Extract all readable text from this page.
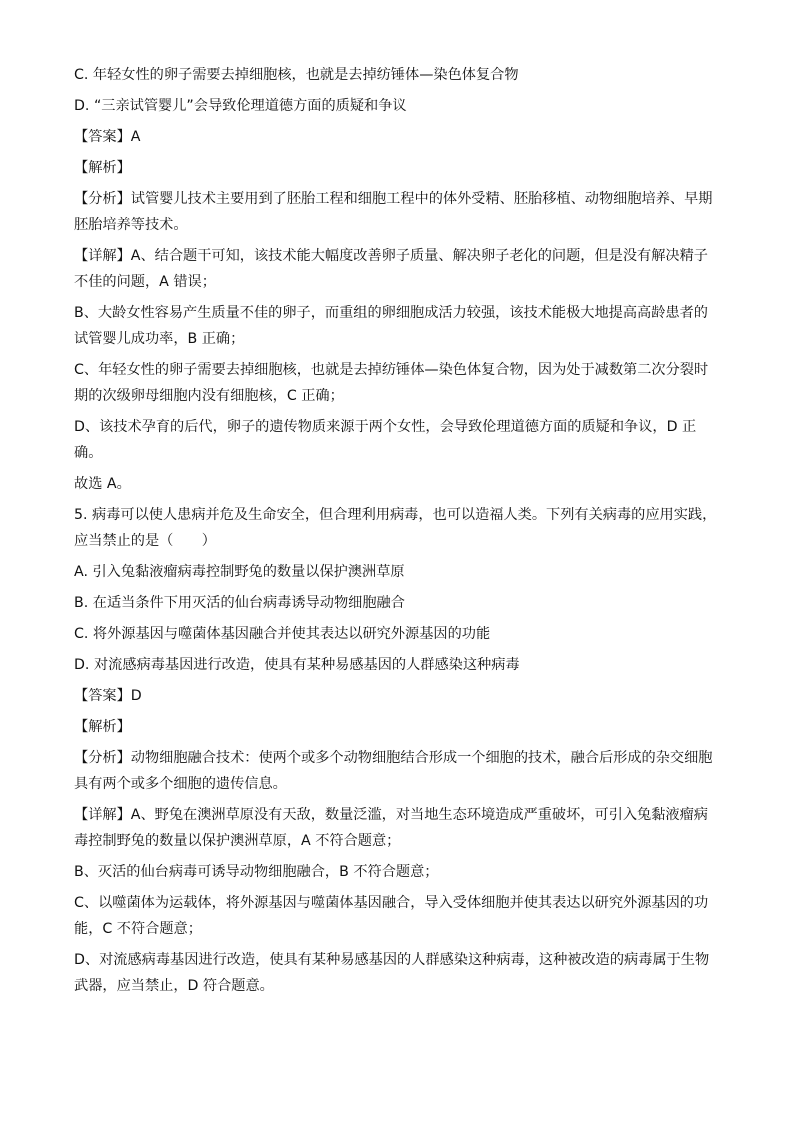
C. 年轻女性的卵子需要去掉细胞核，也就是去掉纺锤体—染色体复合物

D. “三亲试管婴儿”会导致伦理道德方面的质疑和争议

【答案】A

【解析】

【分析】试管婴儿技术主要用到了胚胎工程和细胞工程中的体外受精、胚胎移植、动物细胞培养、早期胚胎培养等技术。

【详解】A、结合题干可知，该技术能大幅度改善卵子质量、解决卵子老化的问题，但是没有解决精子不佳的问题，A 错误；

B、大龄女性容易产生质量不佳的卵子，而重组的卵细胞成活力较强，该技术能极大地提高高龄患者的试管婴儿成功率，B 正确；

C、年轻女性的卵子需要去掉细胞核，也就是去掉纺锤体—染色体复合物，因为处于减数第二次分裂时期的次级卵母细胞内没有细胞核，C 正确；

D、该技术孕育的后代，卵子的遗传物质来源于两个女性，会导致伦理道德方面的质疑和争议，D 正确。

故选 A。

5. 病毒可以使人患病并危及生命安全，但合理利用病毒，也可以造福人类。下列有关病毒的应用实践，应当禁止的是（　　）

A. 引入兔黏液瘤病毒控制野兔的数量以保护澳洲草原

B. 在适当条件下用灭活的仙台病毒诱导动物细胞融合

C. 将外源基因与噬菌体基因融合并使其表达以研究外源基因的功能

D. 对流感病毒基因进行改造，使具有某种易感基因的人群感染这种病毒

【答案】D

【解析】

【分析】动物细胞融合技术：使两个或多个动物细胞结合形成一个细胞的技术，融合后形成的杂交细胞具有两个或多个细胞的遗传信息。

【详解】A、野兔在澳洲草原没有天敌，数量泛滥，对当地生态环境造成严重破坏，可引入兔黏液瘤病毒控制野兔的数量以保护澳洲草原，A 不符合题意；

B、灭活的仙台病毒可诱导动物细胞融合，B 不符合题意；

C、以噬菌体为运载体，将外源基因与噬菌体基因融合，导入受体细胞并使其表达以研究外源基因的功能，C 不符合题意；

D、对流感病毒基因进行改造，使具有某种易感基因的人群感染这种病毒，这种被改造的病毒属于生物武器，应当禁止，D 符合题意。
